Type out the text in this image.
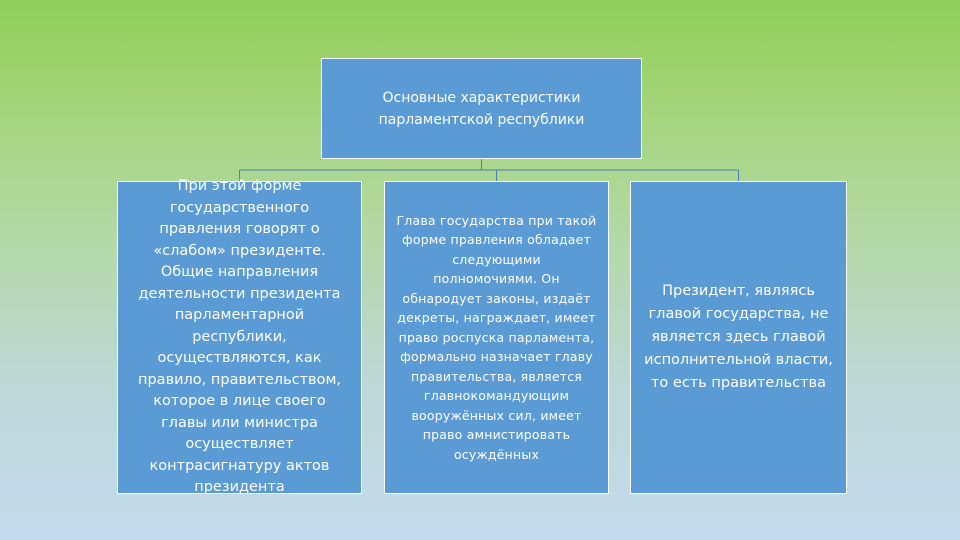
Основные характеристики
парламентской республики
При этой форме
государственного
правления говорят о
«слабом» президенте.
Общие направления
деятельности президента
парламентарной
республики,
осуществляются, как
правило, правительством,
которое в лице своего
главы или министра
осуществляет
контрасигнатуру актов
президента
Глава государства при такой
форме правления обладает
следующими
полномочиями. Он
обнародует законы, издаёт
декреты, награждает, имеет
право роспуска парламента,
формально назначает главу
правительства, является
главнокомандующим
вооружённых сил, имеет
право амнистировать
осуждённых
Президент, являясь
главой государства, не
является здесь главой
исполнительной власти,
то есть правительства
